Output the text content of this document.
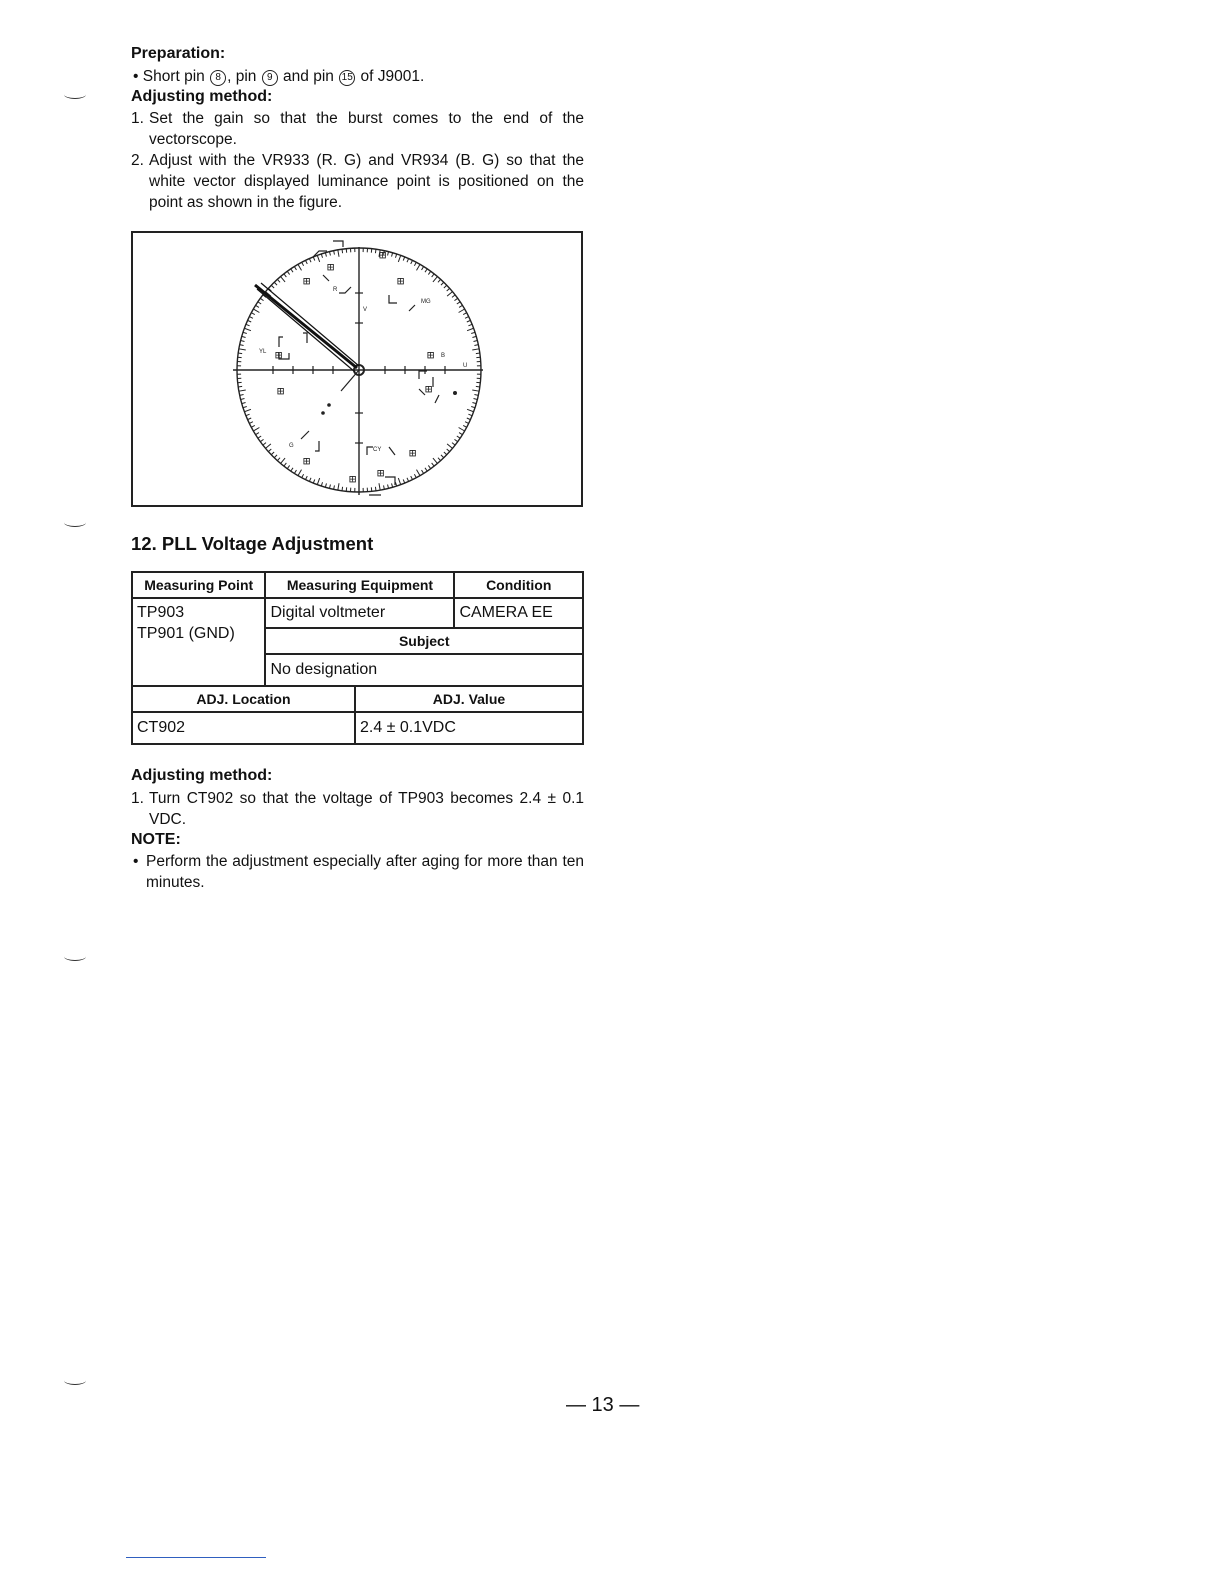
Preparation:
• Short pin 8 , pin 9 and pin 15 of J9001.
Adjusting method:
1. Set the gain so that the burst comes to the end of the vectorscope.
2. Adjust with the VR933 (R. G) and VR934 (B. G) so that the white vector displayed luminance point is positioned on the point as shown in the figure.
⊞
⊞
⊞	⊞
⊞	⊞
⊞	⊞
⊞
⊞
⊞ ⊞
R
MG
YL
B
U
V
G
CY
12. PLL Voltage Adjustment
Measuring Point	Measuring Equipment		Condition

TP903
TP901 (GND)	Digital voltmeter		CAMERA EE
	Subject		
	No designation		
ADJ. Location		ADJ. Value	
CT902		2.4 ± 0.1VDC	
Adjusting method:
1. Turn CT902 so that the voltage of TP903 becomes 2.4 ± 0.1 VDC.
NOTE:
• Perform the adjustment especially after aging for more than ten minutes.
— 13 —
